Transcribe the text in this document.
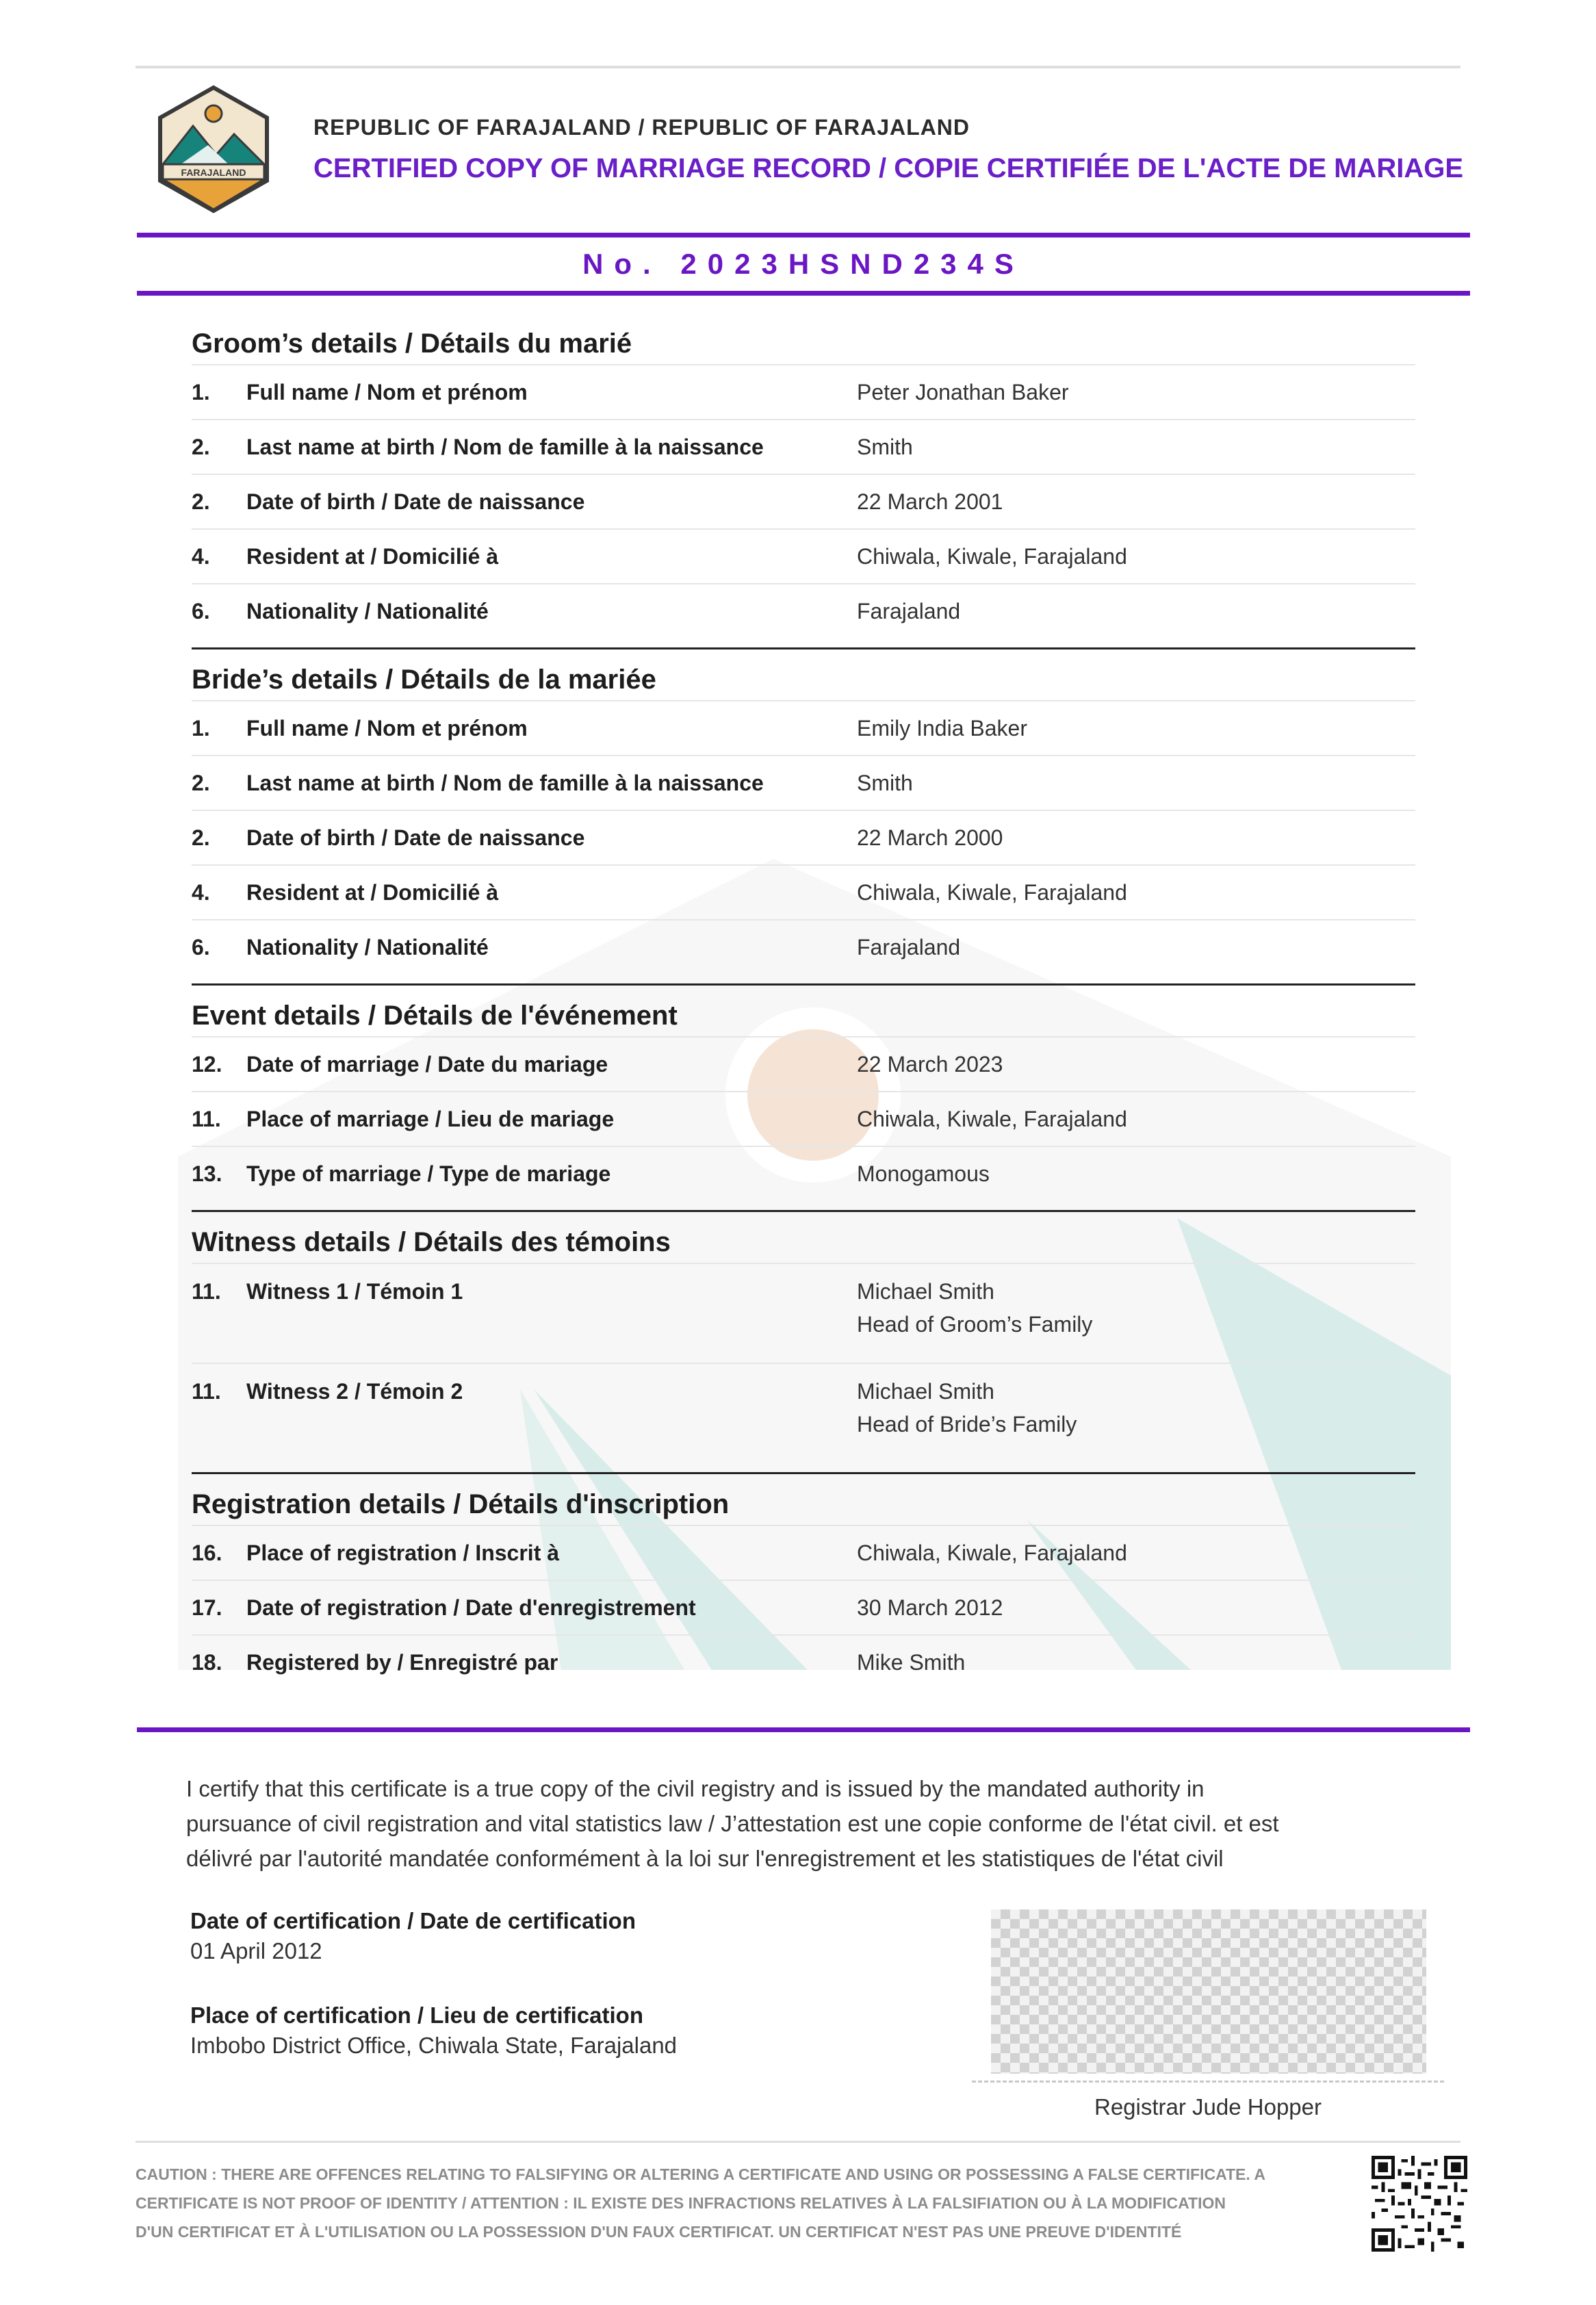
FARAJALAND
REPUBLIC OF FARAJALAND / REPUBLIC OF FARAJALAND
CERTIFIED COPY OF MARRIAGE RECORD / COPIE CERTIFIÉE DE L'ACTE DE MARIAGE
No. 2023HSND234S
Groom’s details / Détails du marié
1.	Full name / Nom et prénom	Peter Jonathan Baker
2.	Last name at birth / Nom de famille à la naissance	Smith
2.	Date of birth / Date de naissance	22 March 2001
4.	Resident at / Domicilié à	Chiwala, Kiwale, Farajaland
6.	Nationality / Nationalité	Farajaland
Bride’s details / Détails de la mariée
1.	Full name / Nom et prénom	Emily India Baker
2.	Last name at birth / Nom de famille à la naissance	Smith
2.	Date of birth / Date de naissance	22 March 2000
4.	Resident at / Domicilié à	Chiwala, Kiwale, Farajaland
6.	Nationality / Nationalité	Farajaland
Event details / Détails de l'événement
12.	Date of marriage / Date du mariage	22 March 2023
11.	Place of marriage / Lieu de mariage	Chiwala, Kiwale, Farajaland
13.	Type of marriage / Type de mariage	Monogamous
Witness details / Détails des témoins
11.	Witness 1 / Témoin 1	Michael Smith
Head of Groom’s Family
11.	Witness 2 / Témoin 2	Michael Smith
Head of Bride’s Family
Registration details / Détails d'inscription
16.	Place of registration / Inscrit à	Chiwala, Kiwale, Farajaland
17.	Date of registration / Date d'enregistrement	30 March 2012
18.	Registered by / Enregistré par	Mike Smith
I certify that this certificate is a true copy of the civil registry and is issued by the mandated authority in
pursuance of civil registration and vital statistics law / J’attestation est une copie conforme de l'état civil. et est
délivré par l'autorité mandatée conformément à la loi sur l'enregistrement et les statistiques de l'état civil
Date of certification / Date de certification
01 April 2012
Place of certification / Lieu de certification
Imbobo District Office, Chiwala State, Farajaland
Registrar Jude Hopper
CAUTION : THERE ARE OFFENCES RELATING TO FALSIFYING OR ALTERING A CERTIFICATE AND USING OR POSSESSING A FALSE CERTIFICATE. A
CERTIFICATE IS NOT PROOF OF IDENTITY / ATTENTION : IL EXISTE DES INFRACTIONS RELATIVES À LA FALSIFIATION OU À LA MODIFICATION
D'UN CERTIFICAT ET À L'UTILISATION OU LA POSSESSION D'UN FAUX CERTIFICAT. UN CERTIFICAT N'EST PAS UNE PREUVE D'IDENTITÉ
